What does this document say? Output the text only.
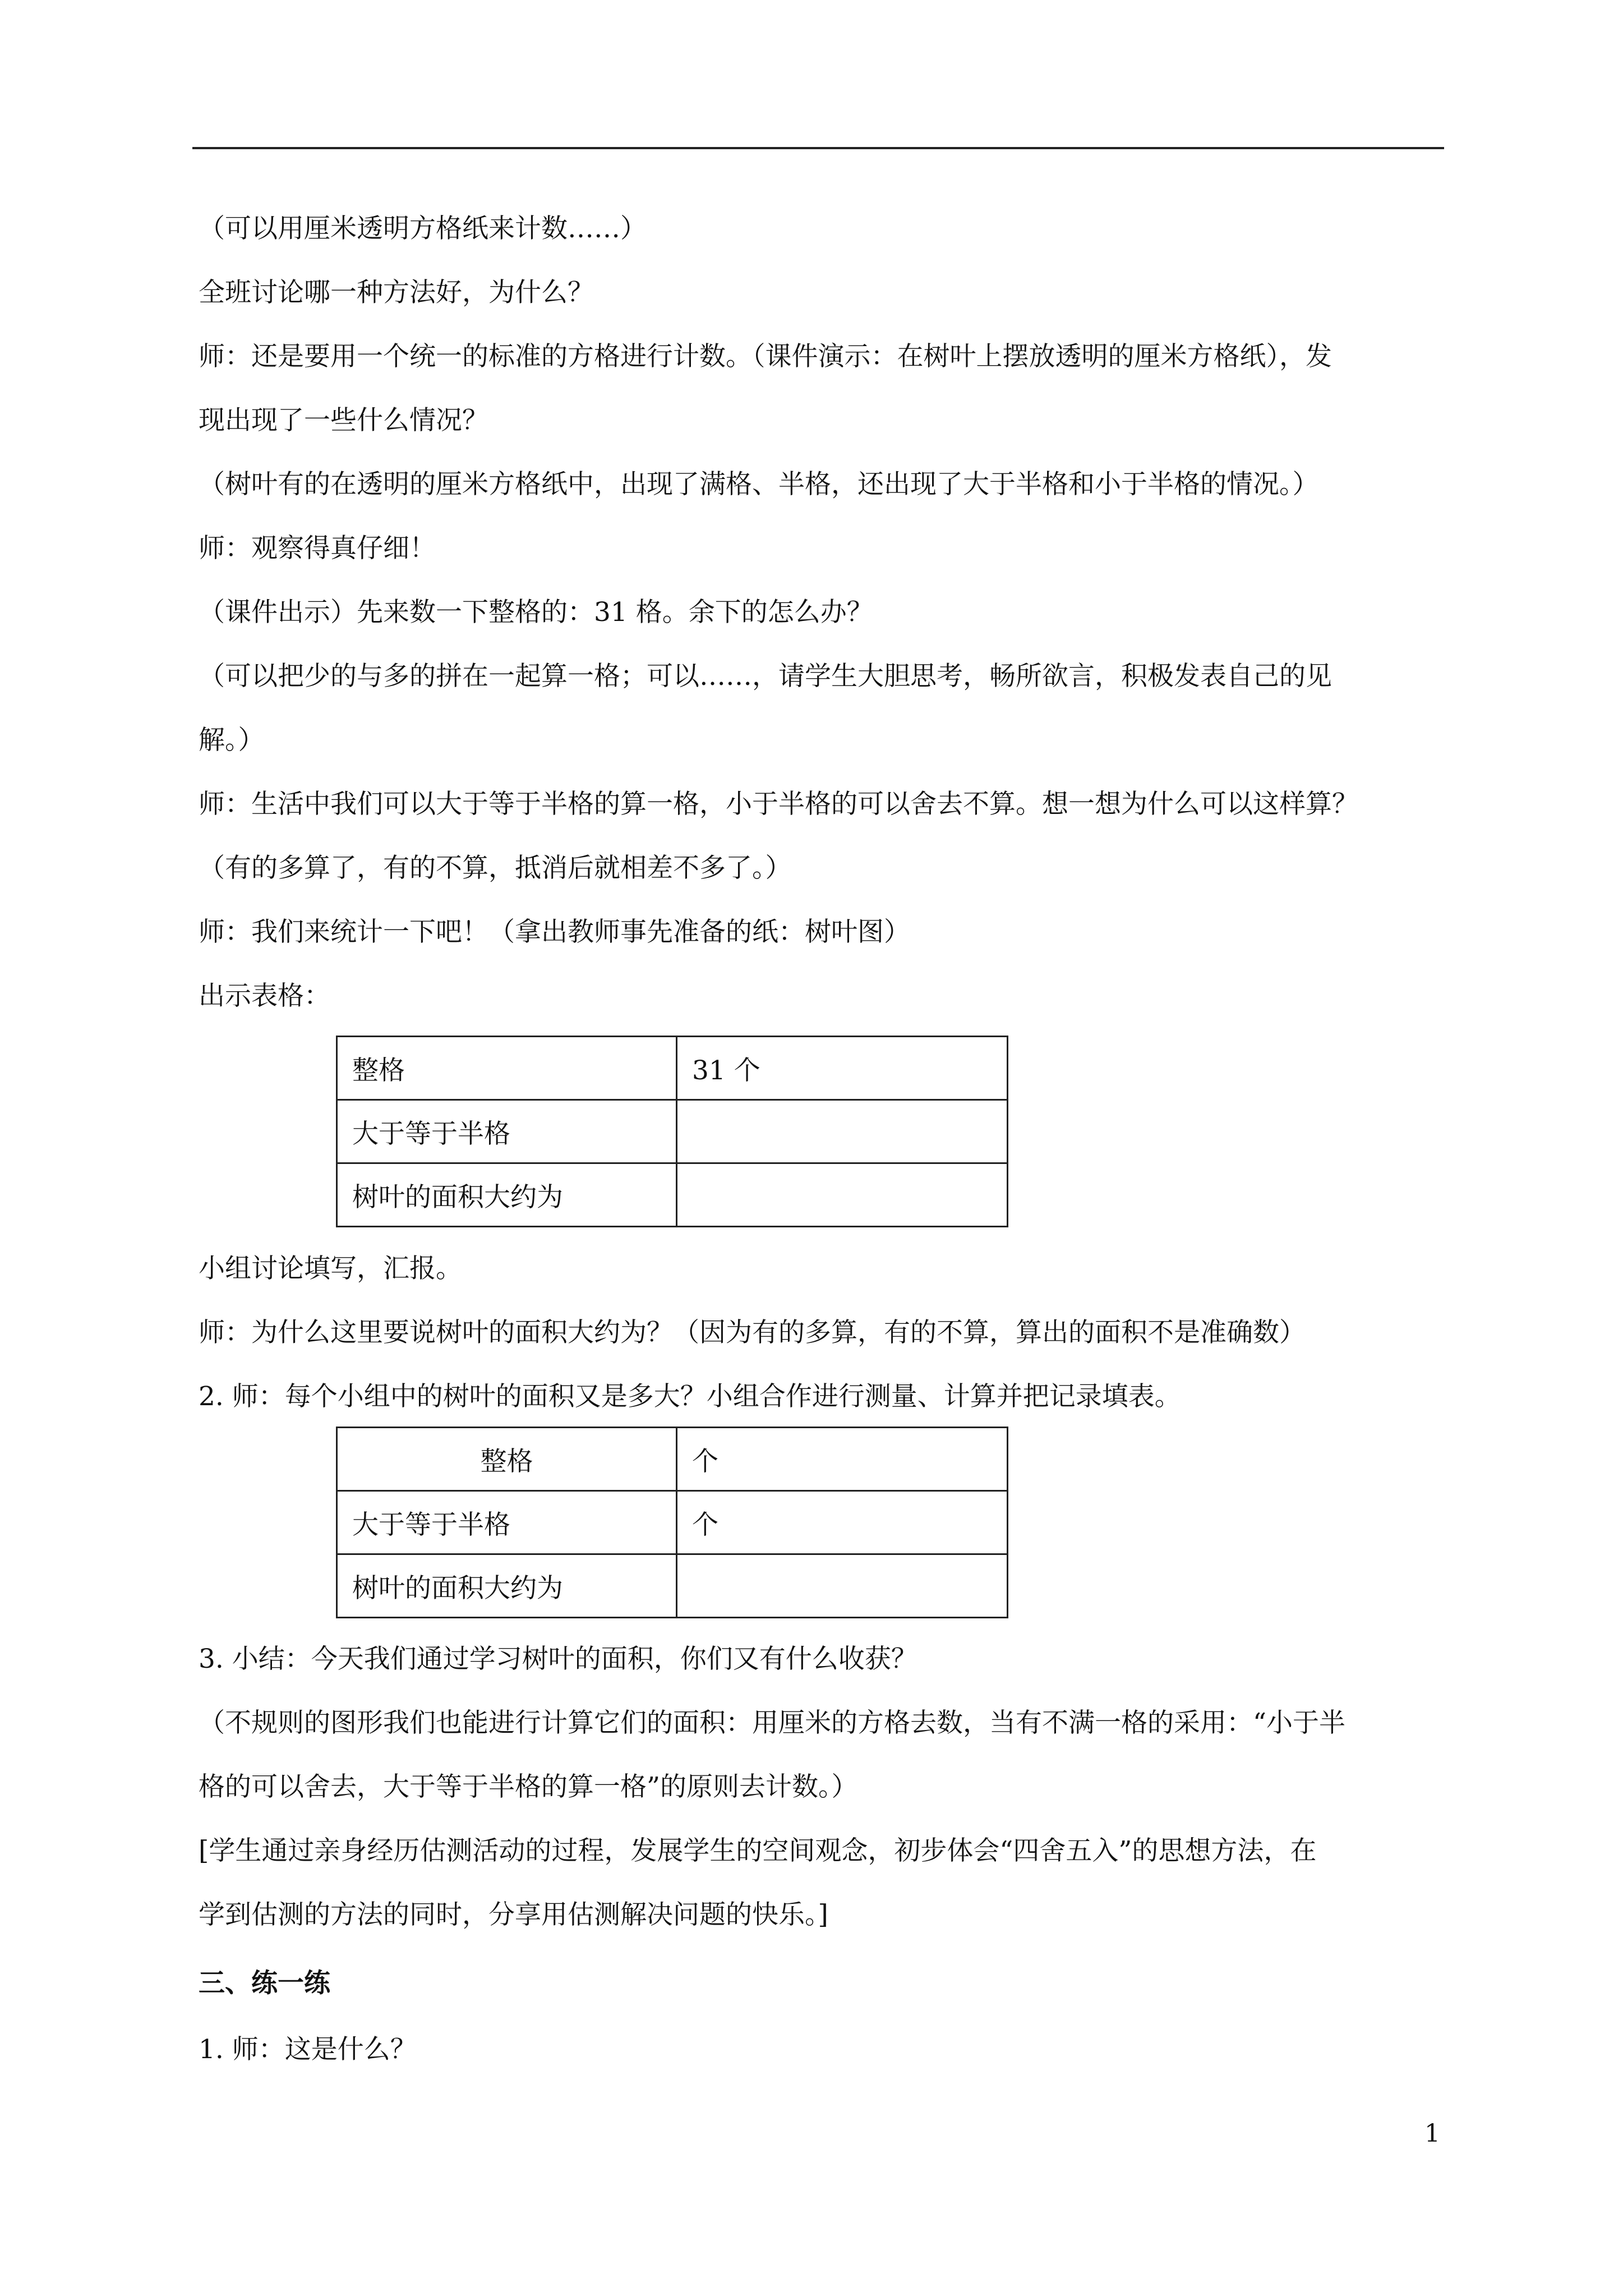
（可以用厘米透明方格纸来计数……）
全班讨论哪一种方法好，为什么？
师：还是要用一个统一的标准的方格进行计数。（课件演示：在树叶上摆放透明的厘米方格纸），发
现出现了一些什么情况？
（树叶有的在透明的厘米方格纸中，出现了满格、半格，还出现了大于半格和小于半格的情况。）
师：观察得真仔细！
（课件出示）先来数一下整格的：31 格。余下的怎么办？
（可以把少的与多的拼在一起算一格；可以……，请学生大胆思考，畅所欲言，积极发表自己的见
解。）
师：生活中我们可以大于等于半格的算一格，小于半格的可以舍去不算。想一想为什么可以这样算？
（有的多算了，有的不算，抵消后就相差不多了。）
师：我们来统计一下吧！（拿出教师事先准备的纸：树叶图）
出示表格：
整格	31 个
大于等于半格	
树叶的面积大约为	
小组讨论填写，汇报。
师：为什么这里要说树叶的面积大约为？（因为有的多算，有的不算，算出的面积不是准确数）
2. 师：每个小组中的树叶的面积又是多大？小组合作进行测量、计算并把记录填表。
整格	个
大于等于半格	个
树叶的面积大约为	
3. 小结：今天我们通过学习树叶的面积，你们又有什么收获？
（不规则的图形我们也能进行计算它们的面积：用厘米的方格去数，当有不满一格的采用：“小于半
格的可以舍去，大于等于半格的算一格”的原则去计数。）
[学生通过亲身经历估测活动的过程，发展学生的空间观念，初步体会“四舍五入”的思想方法，在
学到估测的方法的同时，分享用估测解决问题的快乐。]
三、练一练
1. 师：这是什么？
1
